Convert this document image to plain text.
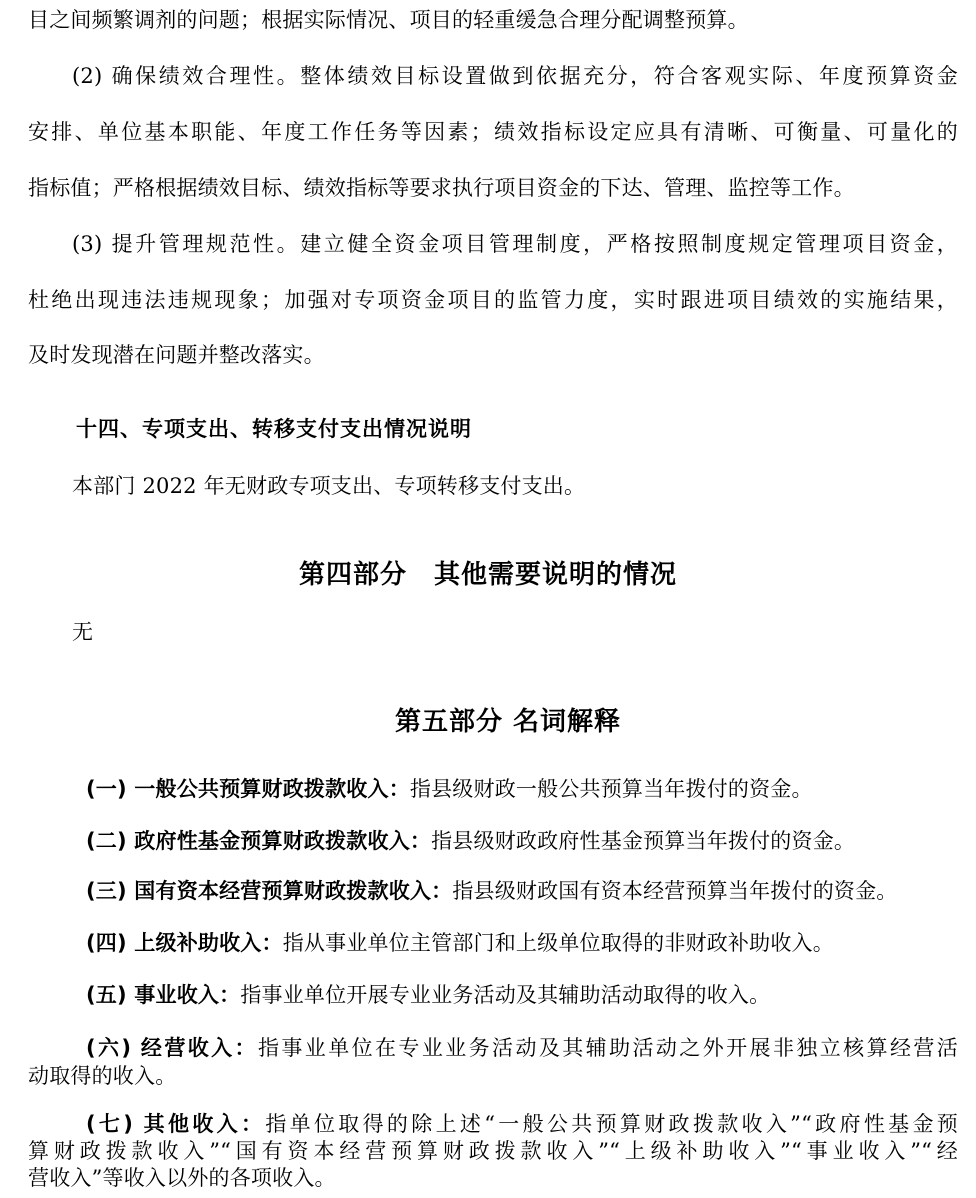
目之间频繁调剂的问题；根据实际情况、项目的轻重缓急合理分配调整预算。
(2) 确保绩效合理性。整体绩效目标设置做到依据充分，符合客观实际、年度预算资金
安排、单位基本职能、年度工作任务等因素；绩效指标设定应具有清晰、可衡量、可量化的
指标值；严格根据绩效目标、绩效指标等要求执行项目资金的下达、管理、监控等工作。
(3) 提升管理规范性。建立健全资金项目管理制度，严格按照制度规定管理项目资金，
杜绝出现违法违规现象；加强对专项资金项目的监管力度，实时跟进项目绩效的实施结果，
及时发现潜在问题并整改落实。
十四、专项支出、转移支付支出情况说明
本部门 2022 年无财政专项支出、专项转移支付支出。
第四部分　其他需要说明的情况
无
第五部分 名词解释
(一) 一般公共预算财政拨款收入：指县级财政一般公共预算当年拨付的资金。
(二) 政府性基金预算财政拨款收入：指县级财政政府性基金预算当年拨付的资金。
(三) 国有资本经营预算财政拨款收入：指县级财政国有资本经营预算当年拨付的资金。
(四) 上级补助收入：指从事业单位主管部门和上级单位取得的非财政补助收入。
(五) 事业收入：指事业单位开展专业业务活动及其辅助活动取得的收入。
(六) 经营收入：指事业单位在专业业务活动及其辅助活动之外开展非独立核算经营活
动取得的收入。
(七) 其他收入：指单位取得的除上述“一般公共预算财政拨款收入”“政府性基金预
算财政拨款收入”“国有资本经营预算财政拨款收入”“上级补助收入”“事业收入”“经
营收入”等收入以外的各项收入。
